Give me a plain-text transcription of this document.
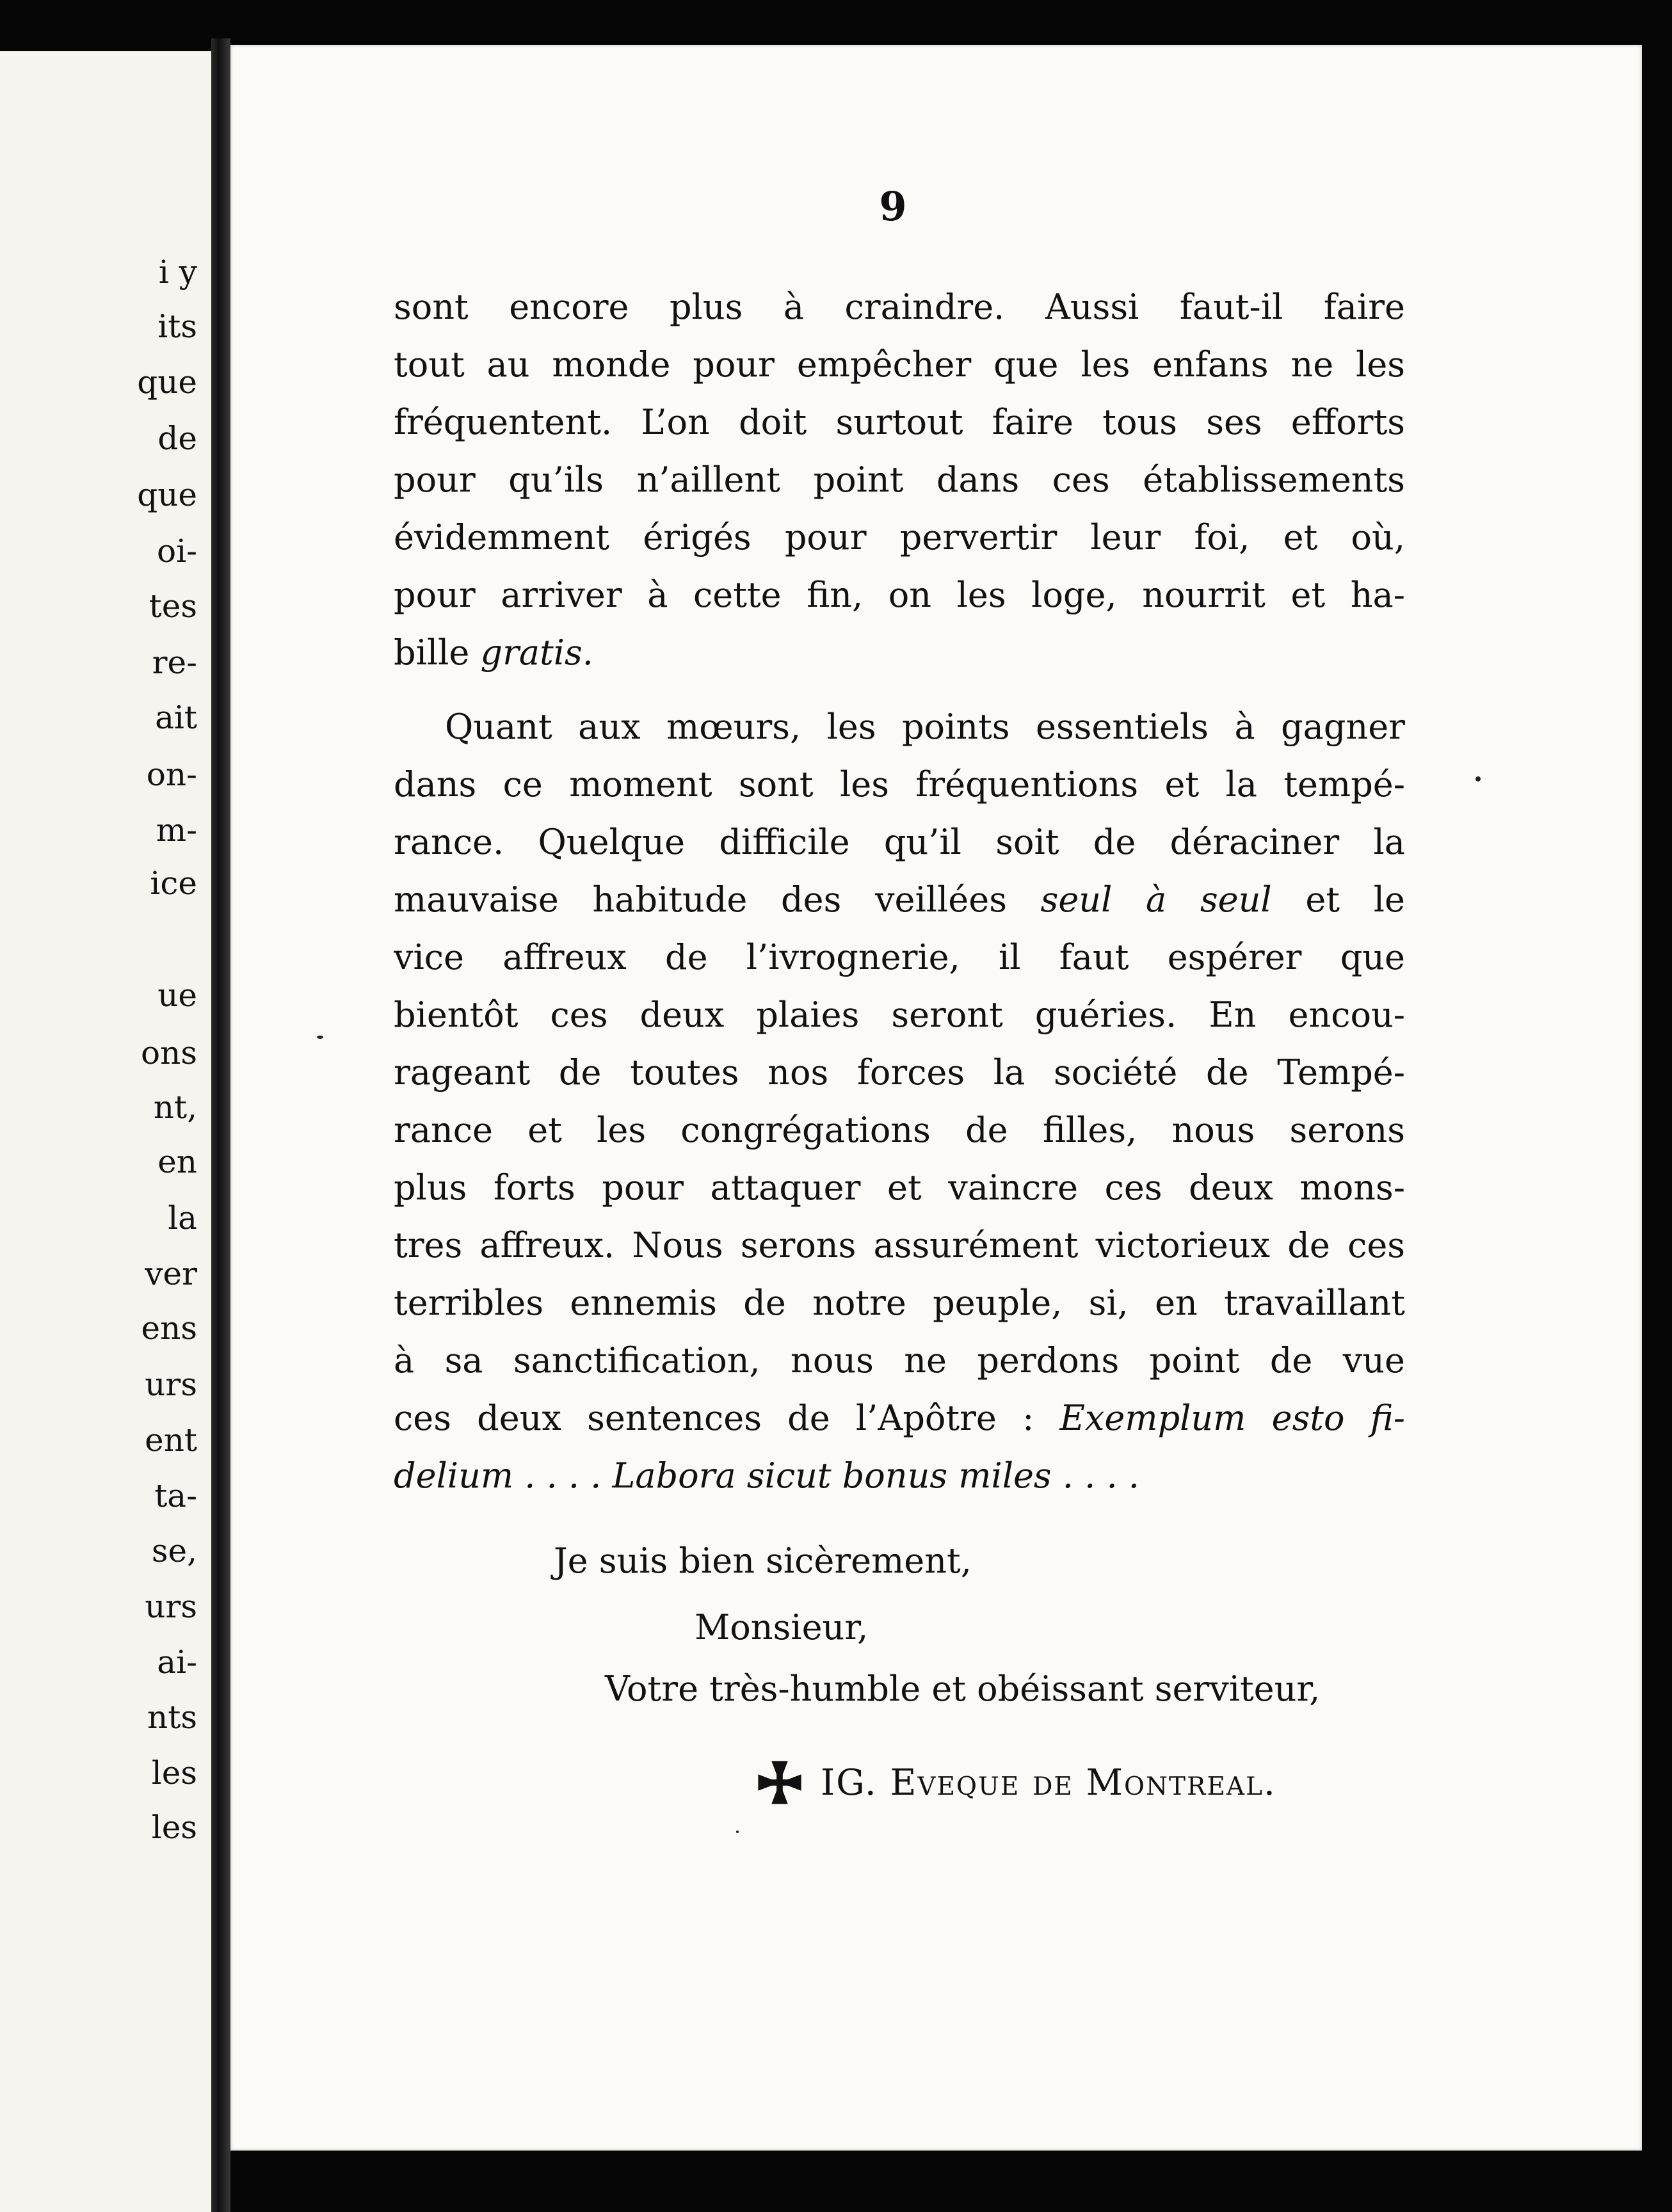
i y
its
que
de
que
oi-
tes
re-
ait
on-
m-
ice
ue
ons
nt,
en
la
ver
ens
urs
ent
ta-
se,
urs
ai-
nts
les
les
9
sont encore plus à craindre. Aussi faut-il faire
tout au monde pour empêcher que les enfans ne les
fréquentent. L’on doit surtout faire tous ses efforts
pour qu’ils n’aillent point dans ces établissements
évidemment érigés pour pervertir leur foi, et où,
pour arriver à cette fin, on les loge, nourrit et ha-
bille gratis.
Quant aux mœurs, les points essentiels à gagner
dans ce moment sont les fréquentions et la tempé-
rance. Quelque difficile qu’il soit de déraciner la
mauvaise habitude des veillées seul à seul et le
vice affreux de l’ivrognerie, il faut espérer que
bientôt ces deux plaies seront guéries. En encou-
rageant de toutes nos forces la société de Tempé-
rance et les congrégations de filles, nous serons
plus forts pour attaquer et vaincre ces deux mons-
tres affreux. Nous serons assurément victorieux de ces
terribles ennemis de notre peuple, si, en travaillant
à sa sanctification, nous ne perdons point de vue
ces deux sentences de l’Apôtre : Exemplum esto fi-
delium . . . . Labora sicut bonus miles . . . .
Je suis bien sicèrement,
Monsieur,
Votre très-humble et obéissant serviteur,
IG. Eveque de Montreal.
